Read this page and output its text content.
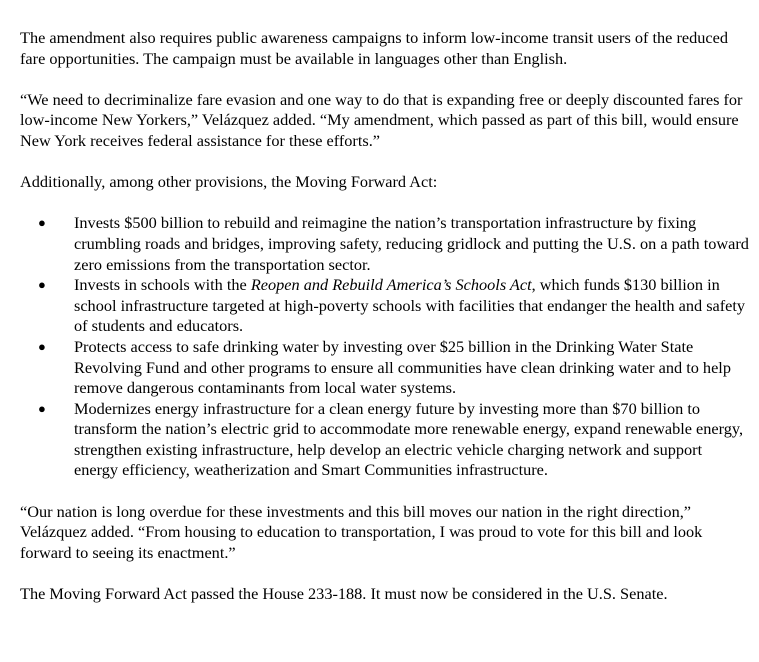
The amendment also requires public awareness campaigns to inform low-income transit users of the reduced fare opportunities. The campaign must be available in languages other than English.

“We need to decriminalize fare evasion and one way to do that is expanding free or deeply discounted fares for low-income New Yorkers,” Velázquez added. “My amendment, which passed as part of this bill, would ensure New York receives federal assistance for these efforts.”

Additionally, among other provisions, the Moving Forward Act:

● Invests $500 billion to rebuild and reimagine the nation’s transportation infrastructure by fixing crumbling roads and bridges, improving safety, reducing gridlock and putting the U.S. on a path toward zero emissions from the transportation sector.
● Invests in schools with the Reopen and Rebuild America’s Schools Act, which funds $130 billion in school infrastructure targeted at high-poverty schools with facilities that endanger the health and safety of students and educators.
● Protects access to safe drinking water by investing over $25 billion in the Drinking Water State Revolving Fund and other programs to ensure all communities have clean drinking water and to help remove dangerous contaminants from local water systems.
● Modernizes energy infrastructure for a clean energy future by investing more than $70 billion to transform the nation’s electric grid to accommodate more renewable energy, expand renewable energy, strengthen existing infrastructure, help develop an electric vehicle charging network and support energy efficiency, weatherization and Smart Communities infrastructure.

“Our nation is long overdue for these investments and this bill moves our nation in the right direction,” Velázquez added. “From housing to education to transportation, I was proud to vote for this bill and look forward to seeing its enactment.”

The Moving Forward Act passed the House 233-188. It must now be considered in the U.S. Senate.
